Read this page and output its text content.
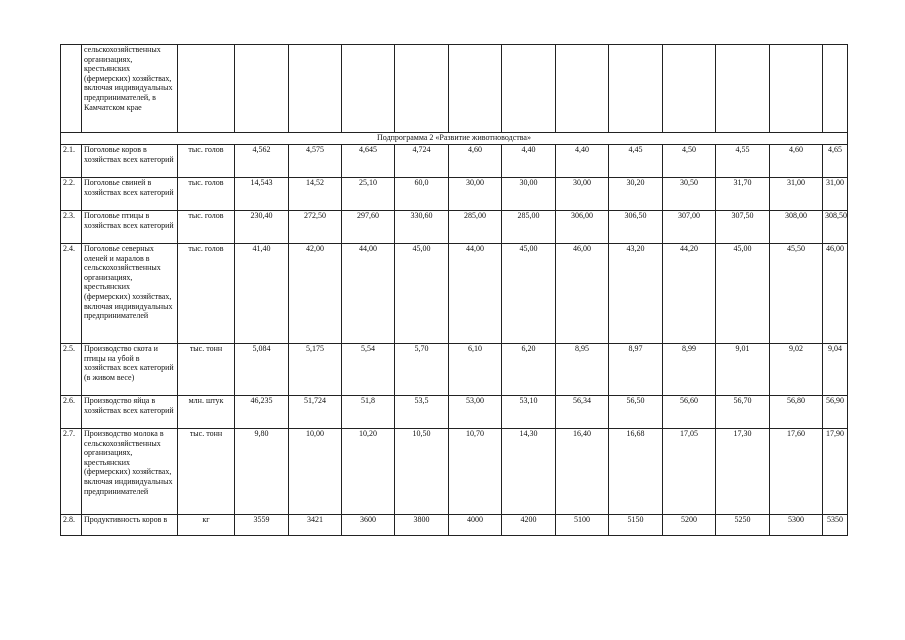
	сельскохозяйственных организациях, крестьянских (фермерских) хозяйствах, включая индивидуальных предпринимателей, в Камчатском крае													
Подпрограмма 2 «Развитие животноводства»														
2.1.	Поголовье коров в хозяйствах всех категорий	тыс. голов	4,562	4,575	4,645	4,724	4,60	4,40	4,40	4,45	4,50	4,55	4,60	4,65
2.2.	Поголовье свиней в хозяйствах всех категорий	тыс. голов	14,543	14,52	25,10	60,0	30,00	30,00	30,00	30,20	30,50	31,70	31,00	31,00
2.3.	Поголовье птицы в хозяйствах всех категорий	тыс. голов	230,40	272,50	297,60	330,60	285,00	285,00	306,00	306,50	307,00	307,50	308,00	308,50
2.4.	Поголовье северных оленей и маралов в сельскохозяйственных организациях, крестьянских (фермерских) хозяйствах, включая индивидуальных предпринимателей	тыс. голов	41,40	42,00	44,00	45,00	44,00	45,00	46,00	43,20	44,20	45,00	45,50	46,00
2.5.	Производство скота и птицы на убой в хозяйствах всех категорий (в живом весе)	тыс. тонн	5,084	5,175	5,54	5,70	6,10	6,20	8,95	8,97	8,99	9,01	9,02	9,04
2.6.	Производство яйца в хозяйствах всех категорий	млн. штук	46,235	51,724	51,8	53,5	53,00	53,10	56,34	56,50	56,60	56,70	56,80	56,90
2.7.	Производство молока в сельскохозяйственных организациях, крестьянских (фермерских) хозяйствах, включая индивидуальных предпринимателей	тыс. тонн	9,80	10,00	10,20	10,50	10,70	14,30	16,40	16,68	17,05	17,30	17,60	17,90
2.8.	Продуктивность коров в	кг	3559	3421	3600	3800	4000	4200	5100	5150	5200	5250	5300	5350
